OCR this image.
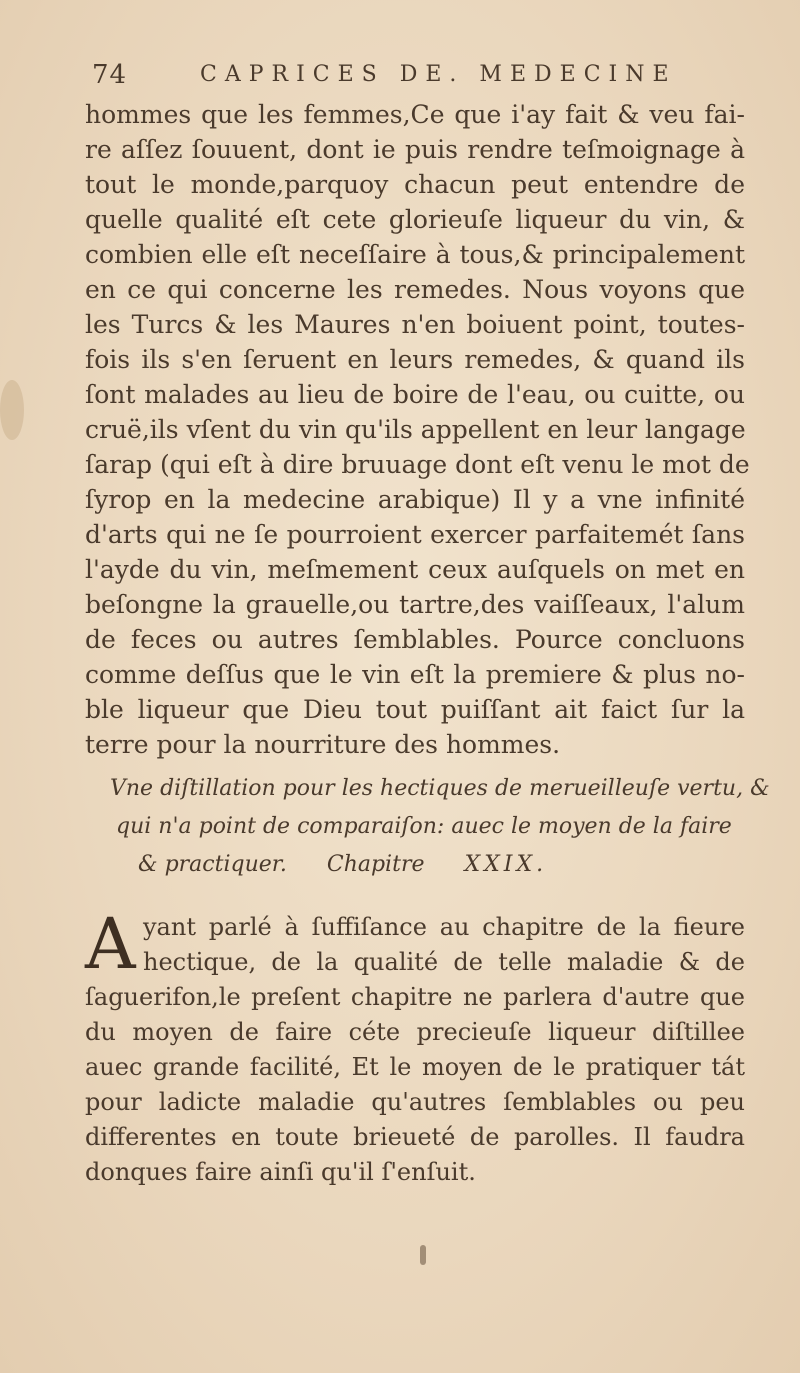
74	CAPRICES DE. MEDECINE
hommes que les femmes,Ce que i'ay fait & veu fai-
re aſſez ſouuent, dont ie puis rendre teſmoignage à
tout le monde,parquoy chacun peut entendre de
quelle qualité eſt cete glorieuſe liqueur du vin, &
combien elle eſt neceſſaire à tous,& principalement
en ce qui concerne les remedes. Nous voyons que
les Turcs & les Maures n'en boiuent point, toutes-
fois ils s'en ſeruent en leurs remedes, & quand ils
ſont malades au lieu de boire de l'eau, ou cuitte, ou
cruë,ils vſent du vin qu'ils appellent en leur langage
ſarap (qui eſt à dire bruuage dont eſt venu le mot de
ſyrop en la medecine arabique) Il y a vne infinité
d'arts qui ne ſe pourroient exercer parfaitemét ſans
l'ayde du vin, meſmement ceux auſquels on met en
beſongne la grauelle,ou tartre,des vaiſſeaux, l'alum
de feces ou autres ſemblables. Pource concluons
comme deſſus que le vin eſt la premiere & plus no-
ble liqueur que Dieu tout puiſſant ait faict ſur la
terre pour la nourriture des hommes.
Vne diſtillation pour les hectiques de merueilleuſe vertu, &
qui n'a point de comparaiſon: auec le moyen de la faire
& practiquer. Chapitre XXIX.
A yant parlé à ſuffiſance au chapitre de la fieure
hectique, de la qualité de telle maladie & de
ſaguerifon,le preſent chapitre ne parlera d'autre que
du moyen de faire céte precieuſe liqueur diſtillee
auec grande facilité, Et le moyen de le pratiquer tát
pour ladicte maladie qu'autres ſemblables ou peu
differentes en toute brieueté de parolles. Il faudra
donques faire ainſi qu'il ſ'enſuit.
